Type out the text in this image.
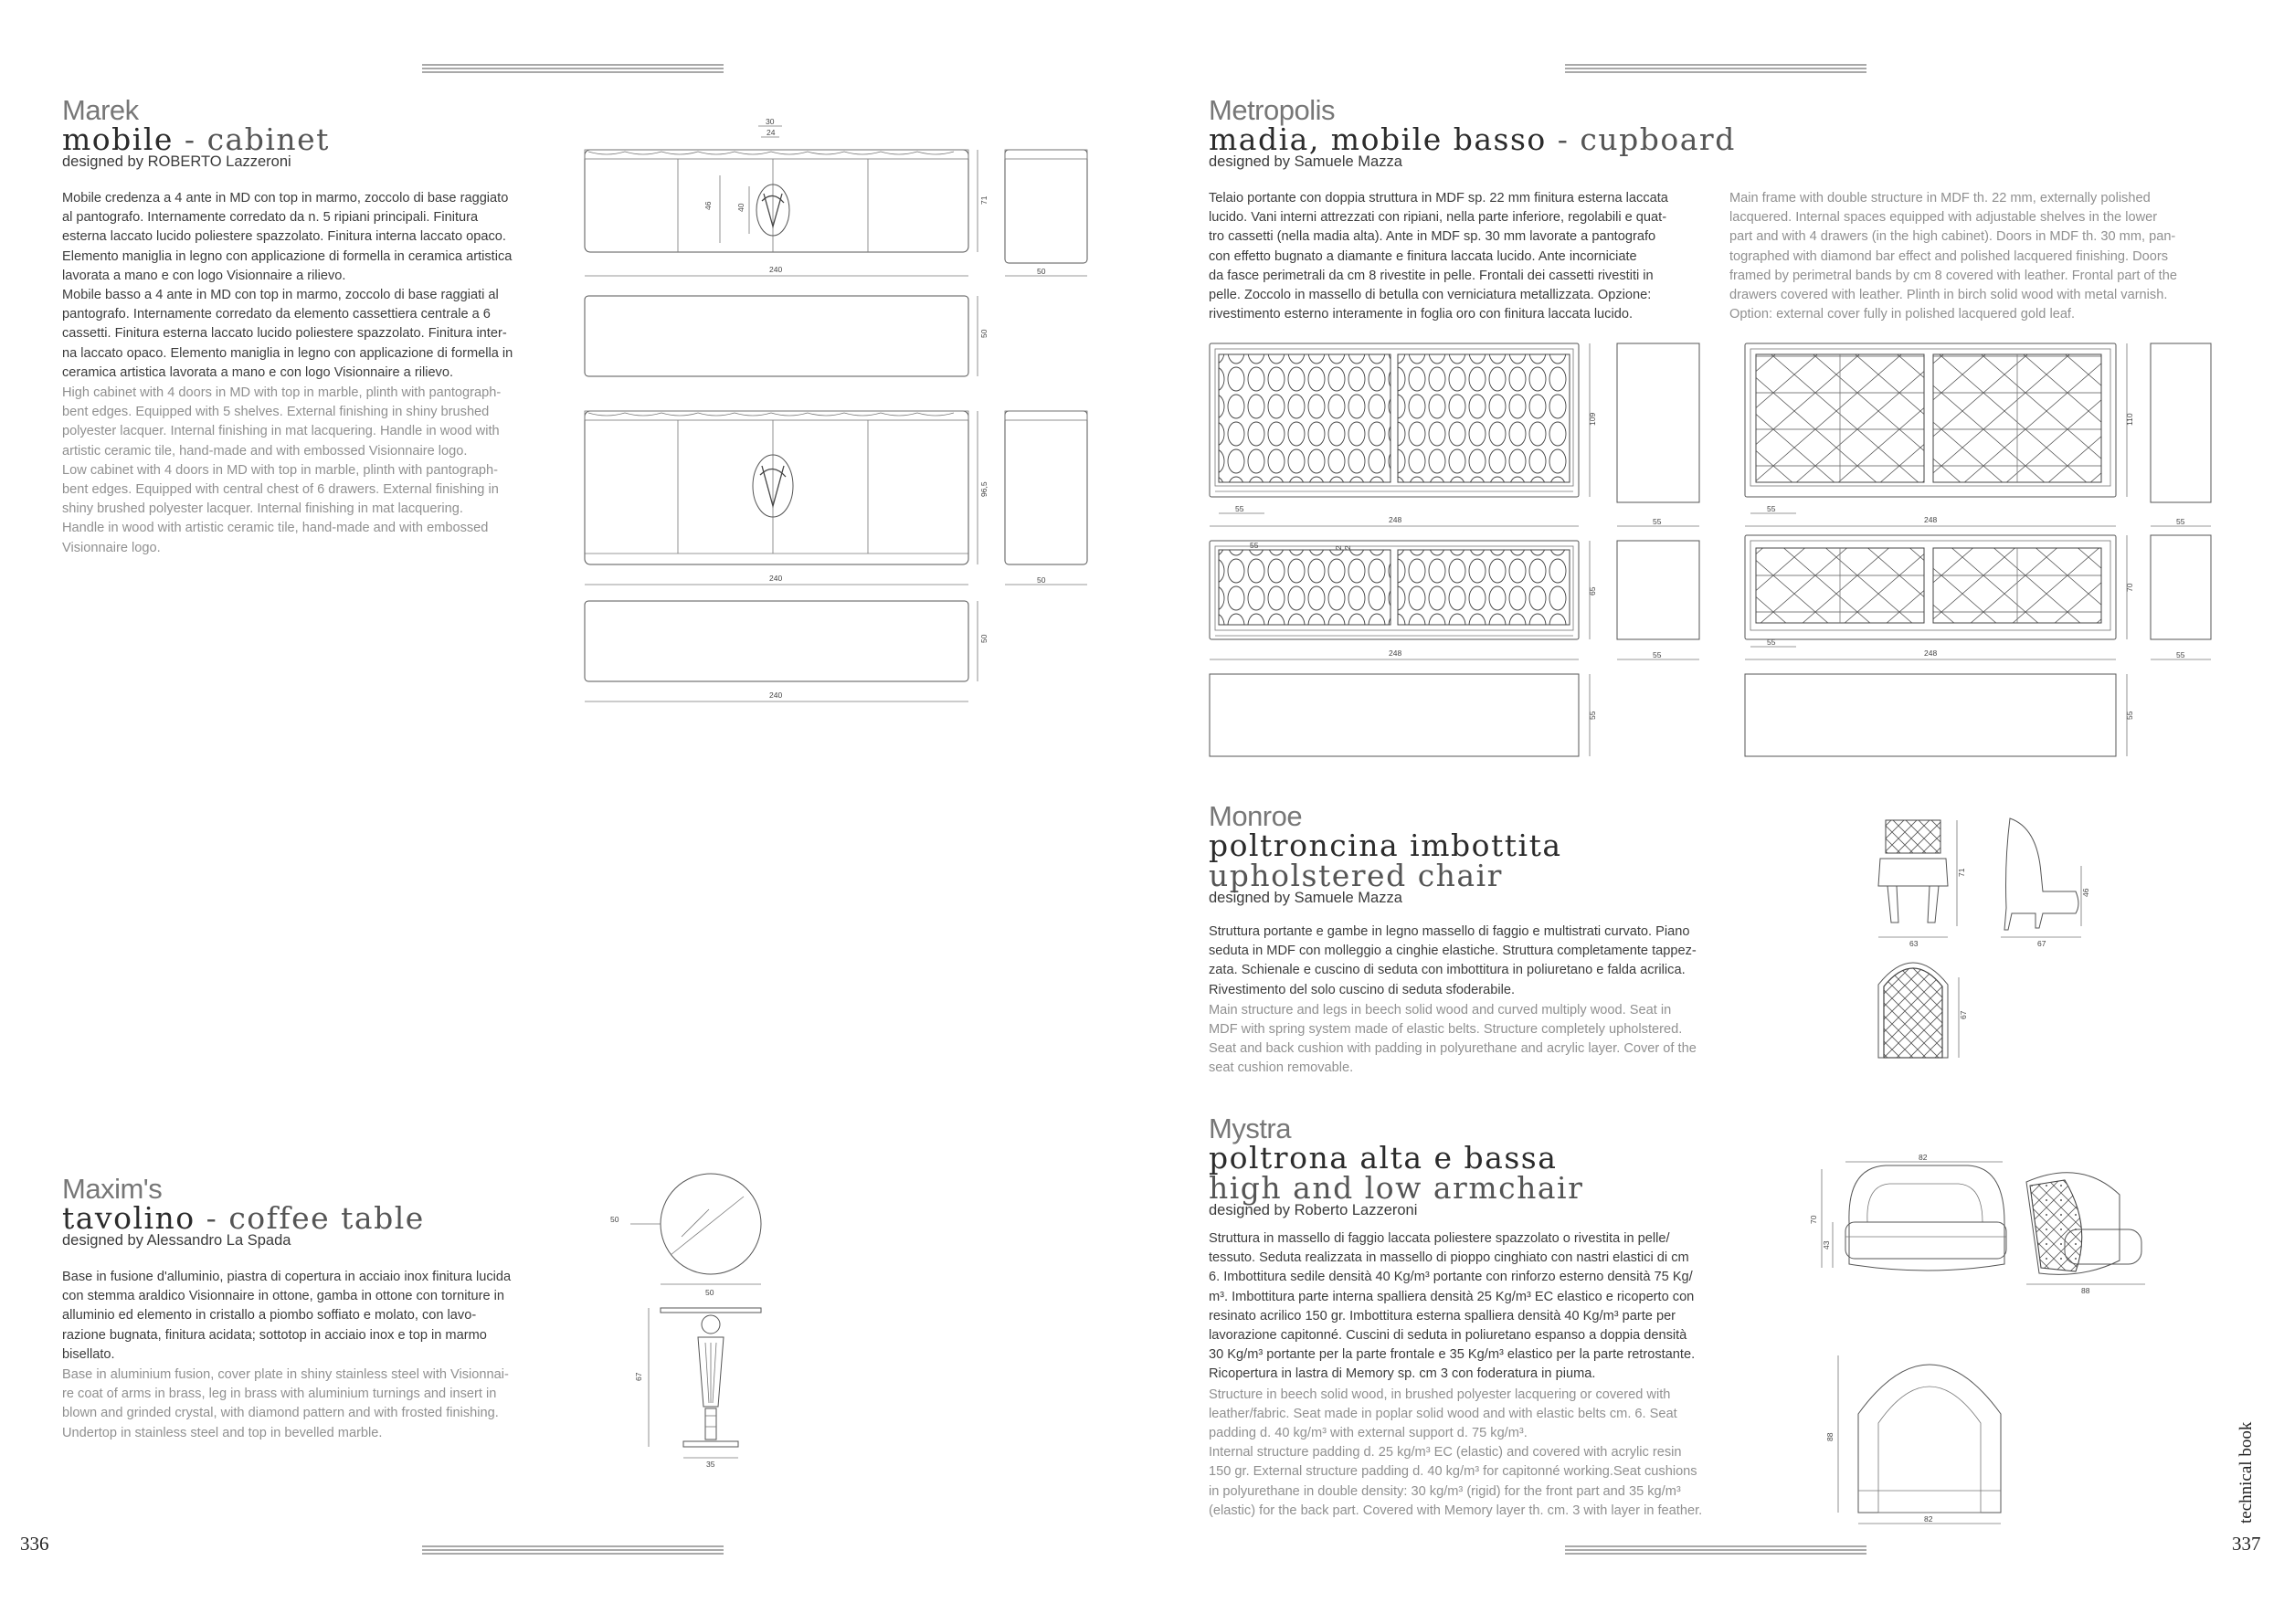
336	337
technical book
Marek
mobile - cabinet
designed by ROBERTO Lazzeroni
Mobile credenza a 4 ante in MD con top in marmo, zoccolo di base raggiato
al pantografo. Internamente corredato da n. 5 ripiani principali. Finitura
esterna laccato lucido poliestere spazzolato. Finitura interna laccato opaco.
Elemento maniglia in legno con applicazione di formella in ceramica artistica
lavorata a mano e con logo Visionnaire a rilievo.
Mobile basso a 4 ante in MD con top in marmo, zoccolo di base raggiati al
pantografo. Internamente corredato da elemento cassettiera centrale a 6
cassetti. Finitura esterna laccato lucido poliestere spazzolato. Finitura inter-
na laccato opaco. Elemento maniglia in legno con applicazione di formella in
ceramica artistica lavorata a mano e con logo Visionnaire a rilievo.
High cabinet with 4 doors in MD with top in marble, plinth with pantograph-
bent edges. Equipped with 5 shelves. External finishing in shiny brushed
polyester lacquer. Internal finishing in mat lacquering. Handle in wood with
artistic ceramic tile, hand-made and with embossed Visionnaire logo.
Low cabinet with 4 doors in MD with top in marble, plinth with pantograph-
bent edges. Equipped with central chest of 6 drawers. External finishing in
shiny brushed polyester lacquer. Internal finishing in mat lacquering.
Handle in wood with artistic ceramic tile, hand-made and with embossed
Visionnaire logo.
30
24
46	40
71
240	50
50
96,5
240	50
50
240
Maxim's
tavolino - coffee table
designed by Alessandro La Spada
Base in fusione d'alluminio, piastra di copertura in acciaio inox finitura lucida
con stemma araldico Visionnaire in ottone, gamba in ottone con torniture in
alluminio ed elemento in cristallo a piombo soffiato e molato, con lavo-
razione bugnata, finitura acidata; sottotop in acciaio inox e top in marmo
bisellato.
Base in aluminium fusion, cover plate in shiny stainless steel with Visionnai-
re coat of arms in brass, leg in brass with aluminium turnings and insert in
blown and grinded crystal, with diamond pattern and with frosted finishing.
Undertop in stainless steel and top in bevelled marble.
50
50
67
35
Metropolis
madia, mobile basso - cupboard
designed by Samuele Mazza
Telaio portante con doppia struttura in MDF sp. 22 mm finitura esterna laccata
lucido. Vani interni attrezzati con ripiani, nella parte inferiore, regolabili e quat-
tro cassetti (nella madia alta). Ante in MDF sp. 30 mm lavorate a pantografo
con effetto bugnato a diamante e finitura laccata lucido. Ante incorniciate
da fasce perimetrali da cm 8 rivestite in pelle. Frontali dei cassetti rivestiti in
pelle. Zoccolo in massello di betulla con verniciatura metallizzata. Opzione:
rivestimento esterno interamente in foglia oro con finitura laccata lucido.
Main frame with double structure in MDF th. 22 mm, externally polished
lacquered. Internal spaces equipped with adjustable shelves in the lower
part and with 4 drawers (in the high cabinet). Doors in MDF th. 30 mm, pan-
tographed with diamond bar effect and polished lacquered finishing. Doors
framed by perimetral bands by cm 8 covered with leather. Frontal part of the
drawers covered with leather. Plinth in birch solid wood with metal varnish.
Option: external cover fully in polished lacquered gold leaf.
109
55
248	55
55	2 2
65
248	55
55
110
55
248	55
70
55
248	55
55
Monroe
poltroncina imbottita
upholstered chair
designed by Samuele Mazza
Struttura portante e gambe in legno massello di faggio e multistrati curvato. Piano
seduta in MDF con molleggio a cinghie elastiche. Struttura completamente tappez-
zata. Schienale e cuscino di seduta con imbottitura in poliuretano e falda acrilica.
Rivestimento del solo cuscino di seduta sfoderabile.
Main structure and legs in beech solid wood and curved multiply wood. Seat in
MDF with spring system made of elastic belts. Structure completely upholstered.
Seat and back cushion with padding in polyurethane and acrylic layer. Cover of the
seat cushion removable.
71
63
46
67
67
Mystra
poltrona alta e bassa
high and low armchair
designed by Roberto Lazzeroni
Struttura in massello di faggio laccata poliestere spazzolato o rivestita in pelle/
tessuto. Seduta realizzata in massello di pioppo cinghiato con nastri elastici di cm
6. Imbottitura sedile densità 40 Kg/m³ portante con rinforzo esterno densità 75 Kg/
m³. Imbottitura parte interna spalliera densità 25 Kg/m³ EC elastico e ricoperto con
resinato acrilico 150 gr. Imbottitura esterna spalliera densità 40 Kg/m³ parte per
lavorazione capitonné. Cuscini di seduta in poliuretano espanso a doppia densità
30 Kg/m³ portante per la parte frontale e 35 Kg/m³ elastico per la parte retrostante.
Ricopertura in lastra di Memory sp. cm 3 con foderatura in piuma.
Structure in beech solid wood, in brushed polyester lacquering or covered with
leather/fabric. Seat made in poplar solid wood and with elastic belts cm. 6. Seat
padding d. 40 kg/m³ with external support d. 75 kg/m³.
Internal structure padding d. 25 kg/m³ EC (elastic) and covered with acrylic resin
150 gr. External structure padding d. 40 kg/m³ for capitonné working.Seat cushions
in polyurethane in double density: 30 kg/m³ (rigid) for the front part and 35 kg/m³
(elastic) for the back part. Covered with Memory layer th. cm. 3 with layer in feather.
82
70
43
88
88
82
